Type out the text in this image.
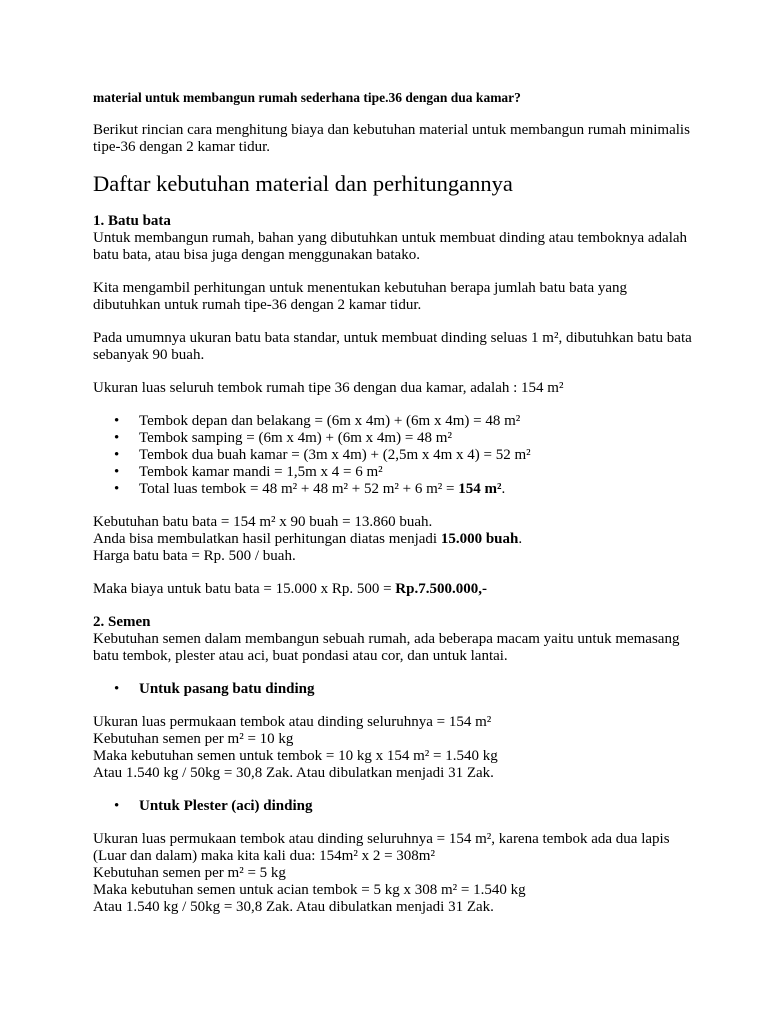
material untuk membangun rumah sederhana tipe.36 dengan dua kamar?

Berikut rincian cara menghitung biaya dan kebutuhan material untuk membangun rumah minimalis tipe-36 dengan 2 kamar tidur.

Daftar kebutuhan material dan perhitungannya

1. Batu bata

Untuk membangun rumah, bahan yang dibutuhkan untuk membuat dinding atau temboknya adalah batu bata, atau bisa juga dengan menggunakan batako.

Kita mengambil perhitungan untuk menentukan kebutuhan berapa jumlah batu bata yang dibutuhkan untuk rumah tipe-36 dengan 2 kamar tidur.

Pada umumnya ukuran batu bata standar, untuk membuat dinding seluas 1 m², dibutuhkan batu bata sebanyak 90 buah.

Ukuran luas seluruh tembok rumah tipe 36 dengan dua kamar, adalah : 154 m²

• Tembok depan dan belakang = (6m x 4m) + (6m x 4m) = 48 m²
• Tembok samping = (6m x 4m) + (6m x 4m) = 48 m²
• Tembok dua buah kamar = (3m x 4m) + (2,5m x 4m x 4) = 52 m²
• Tembok kamar mandi = 1,5m x 4 = 6 m²
• Total luas tembok = 48 m² + 48 m² + 52 m² + 6 m² = 154 m².

Kebutuhan batu bata = 154 m² x 90 buah = 13.860 buah.

Anda bisa membulatkan hasil perhitungan diatas menjadi 15.000 buah.

Harga batu bata = Rp. 500 / buah.

Maka biaya untuk batu bata = 15.000 x Rp. 500 = Rp.7.500.000,-

2. Semen

Kebutuhan semen dalam membangun sebuah rumah, ada beberapa macam yaitu untuk memasang batu tembok, plester atau aci, buat pondasi atau cor, dan untuk lantai.

• Untuk pasang batu dinding

Ukuran luas permukaan tembok atau dinding seluruhnya = 154 m²

Kebutuhan semen per m² = 10 kg

Maka kebutuhan semen untuk tembok = 10 kg x 154 m² = 1.540 kg

Atau 1.540 kg / 50kg = 30,8 Zak. Atau dibulatkan menjadi 31 Zak.

• Untuk Plester (aci) dinding

Ukuran luas permukaan tembok atau dinding seluruhnya = 154 m², karena tembok ada dua lapis (Luar dan dalam) maka kita kali dua: 154m² x 2 = 308m²

Kebutuhan semen per m² = 5 kg

Maka kebutuhan semen untuk acian tembok = 5 kg x 308 m² = 1.540 kg

Atau 1.540 kg / 50kg = 30,8 Zak. Atau dibulatkan menjadi 31 Zak.
